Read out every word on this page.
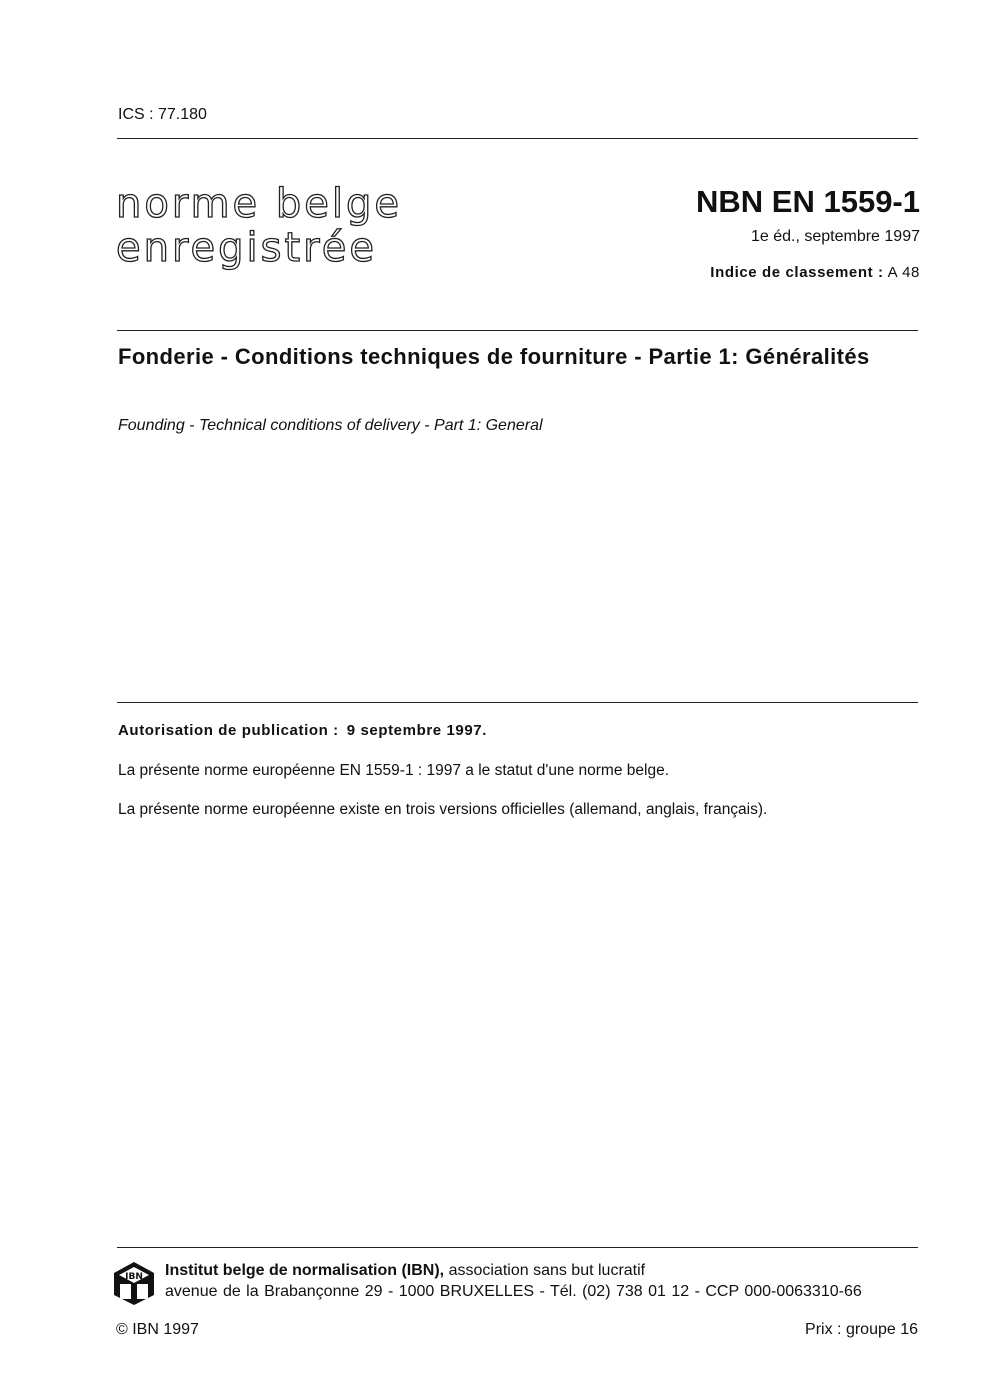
ICS : 77.180
norme belge
enregistrée
NBN EN 1559-1
1e éd., septembre 1997
Indice de classement : A 48
Fonderie - Conditions techniques de fourniture - Partie 1: Généralités
Founding - Technical conditions of delivery - Part 1: General
Autorisation de publication : 9 septembre 1997.
La présente norme européenne EN 1559-1 : 1997 a le statut d'une norme belge.
La présente norme européenne existe en trois versions officielles (allemand, anglais, français).
IBN Institut belge de normalisation (IBN), association sans but lucratif
avenue de la Brabançonne 29 - 1000 BRUXELLES - Tél. (02) 738 01 12 - CCP 000-0063310-66
© IBN 1997	Prix : groupe 16
